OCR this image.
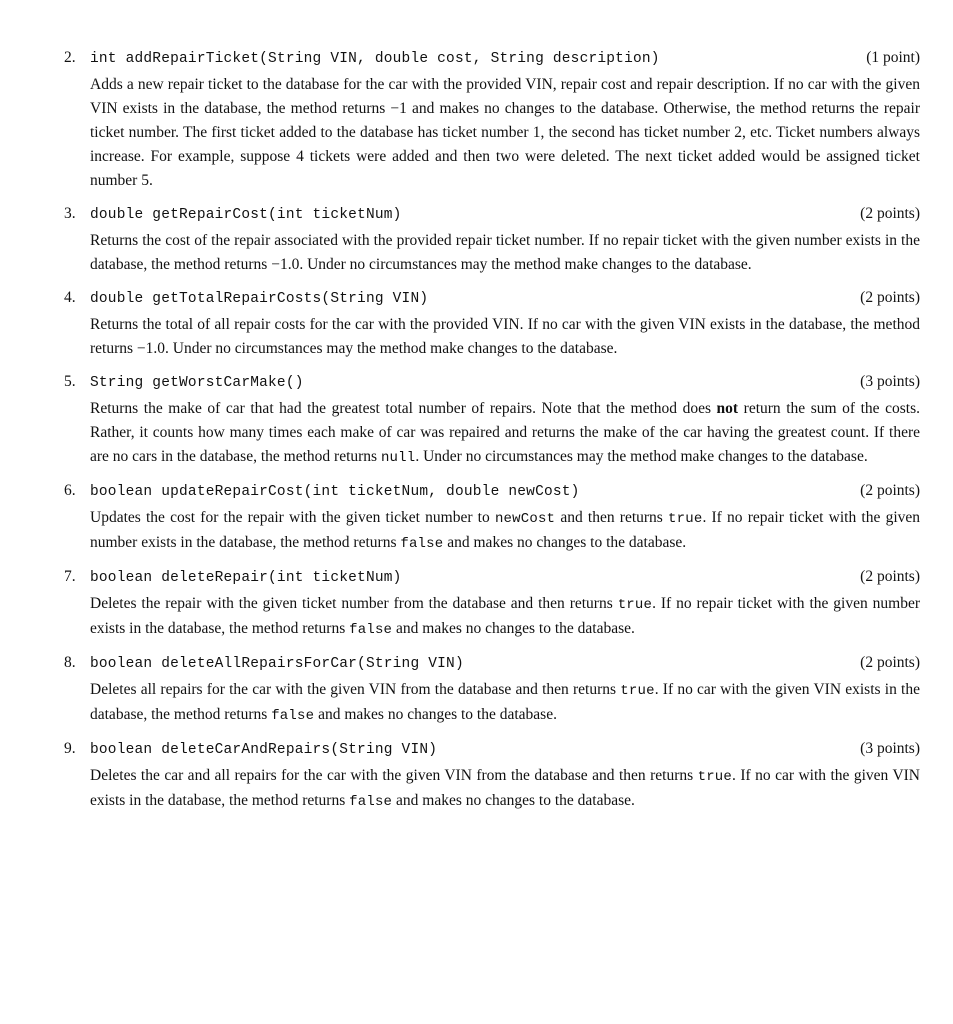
2. int addRepairTicket(String VIN, double cost, String description)	(1 point)

Adds a new repair ticket to the database for the car with the provided VIN, repair cost and repair description. If no car with the given VIN exists in the database, the method returns −1 and makes no changes to the database. Otherwise, the method returns the repair ticket number. The first ticket added to the database has ticket number 1, the second has ticket number 2, etc. Ticket numbers always increase. For example, suppose 4 tickets were added and then two were deleted. The next ticket added would be assigned ticket number 5.

3. double getRepairCost(int ticketNum)	(2 points)

Returns the cost of the repair associated with the provided repair ticket number. If no repair ticket with the given number exists in the database, the method returns −1.0. Under no circumstances may the method make changes to the database.

4. double getTotalRepairCosts(String VIN)	(2 points)

Returns the total of all repair costs for the car with the provided VIN. If no car with the given VIN exists in the database, the method returns −1.0. Under no circumstances may the method make changes to the database.

5. String getWorstCarMake()	(3 points)

Returns the make of car that had the greatest total number of repairs. Note that the method does not return the sum of the costs. Rather, it counts how many times each make of car was repaired and returns the make of the car having the greatest count. If there are no cars in the database, the method returns null. Under no circumstances may the method make changes to the database.

6. boolean updateRepairCost(int ticketNum, double newCost)	(2 points)

Updates the cost for the repair with the given ticket number to newCost and then returns true. If no repair ticket with the given number exists in the database, the method returns false and makes no changes to the database.

7. boolean deleteRepair(int ticketNum)	(2 points)

Deletes the repair with the given ticket number from the database and then returns true. If no repair ticket with the given number exists in the database, the method returns false and makes no changes to the database.

8. boolean deleteAllRepairsForCar(String VIN)	(2 points)

Deletes all repairs for the car with the given VIN from the database and then returns true. If no car with the given VIN exists in the database, the method returns false and makes no changes to the database.

9. boolean deleteCarAndRepairs(String VIN)	(3 points)

Deletes the car and all repairs for the car with the given VIN from the database and then returns true. If no car with the given VIN exists in the database, the method returns false and makes no changes to the database.
